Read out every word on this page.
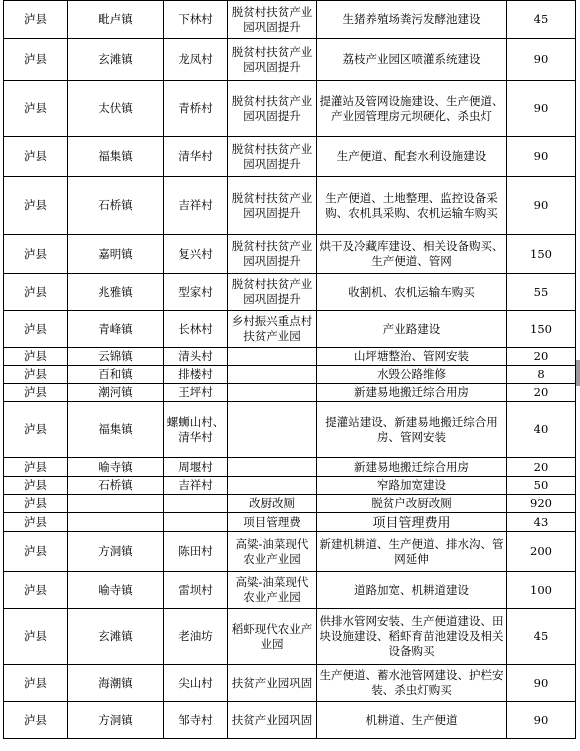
泸县	毗卢镇	下林村	脱贫村扶贫产业园巩固提升	生猪养殖场粪污发酵池建设	45
泸县	玄滩镇	龙凤村	脱贫村扶贫产业园巩固提升	荔枝产业园区喷灌系统建设	90
泸县	太伏镇	青桥村	脱贫村扶贫产业园巩固提升	提灌站及管网设施建设、生产便道、产业园管理房元坝硬化、杀虫灯	90
泸县	福集镇	清华村	脱贫村扶贫产业园巩固提升	生产便道、配套水利设施建设	90
泸县	石桥镇	吉祥村	脱贫村扶贫产业园巩固提升	生产便道、土地整理、监控设备采购、农机具采购、农机运输车购买	90
泸县	嘉明镇	复兴村	脱贫村扶贫产业园巩固提升	烘干及冷藏库建设、相关设备购买、生产便道、管网	150
泸县	兆雅镇	型家村	脱贫村扶贫产业园巩固提升	收割机、农机运输车购买	55
泸县	青峰镇	长林村	乡村振兴重点村扶贫产业园	产业路建设	150
泸县	云锦镇	清头村		山坪塘整治、管网安装	20
泸县	百和镇	排楼村		水毁公路维修	8
泸县	潮河镇	王坪村		新建易地搬迁综合用房	20
泸县	福集镇	螺蛳山村、清华村		提灌站建设、新建易地搬迁综合用房、管网安装	40
泸县	喻寺镇	周堰村		新建易地搬迁综合用房	20
泸县	石桥镇	吉祥村		窄路加宽建设	50
泸县			改厨改厕	脱贫户改厨改厕	920
泸县			项目管理费	项目管理费用	43
泸县	方洞镇	陈田村	高粱-油菜现代农业产业园	新建机耕道、生产便道、排水沟、管网延伸	200
泸县	喻寺镇	雷坝村	高粱-油菜现代农业产业园	道路加宽、机耕道建设	100
泸县	玄滩镇	老油坊	稻虾现代农业产业园	供排水管网安装、生产便道建设、田块设施建设、稻虾育苗池建设及相关设备购买	45
泸县	海潮镇	尖山村	扶贫产业园巩固	生产便道、蓄水池管网建设、护栏安装、杀虫灯购买	90
泸县	方洞镇	邹寺村	扶贫产业园巩固	机耕道、生产便道	90
